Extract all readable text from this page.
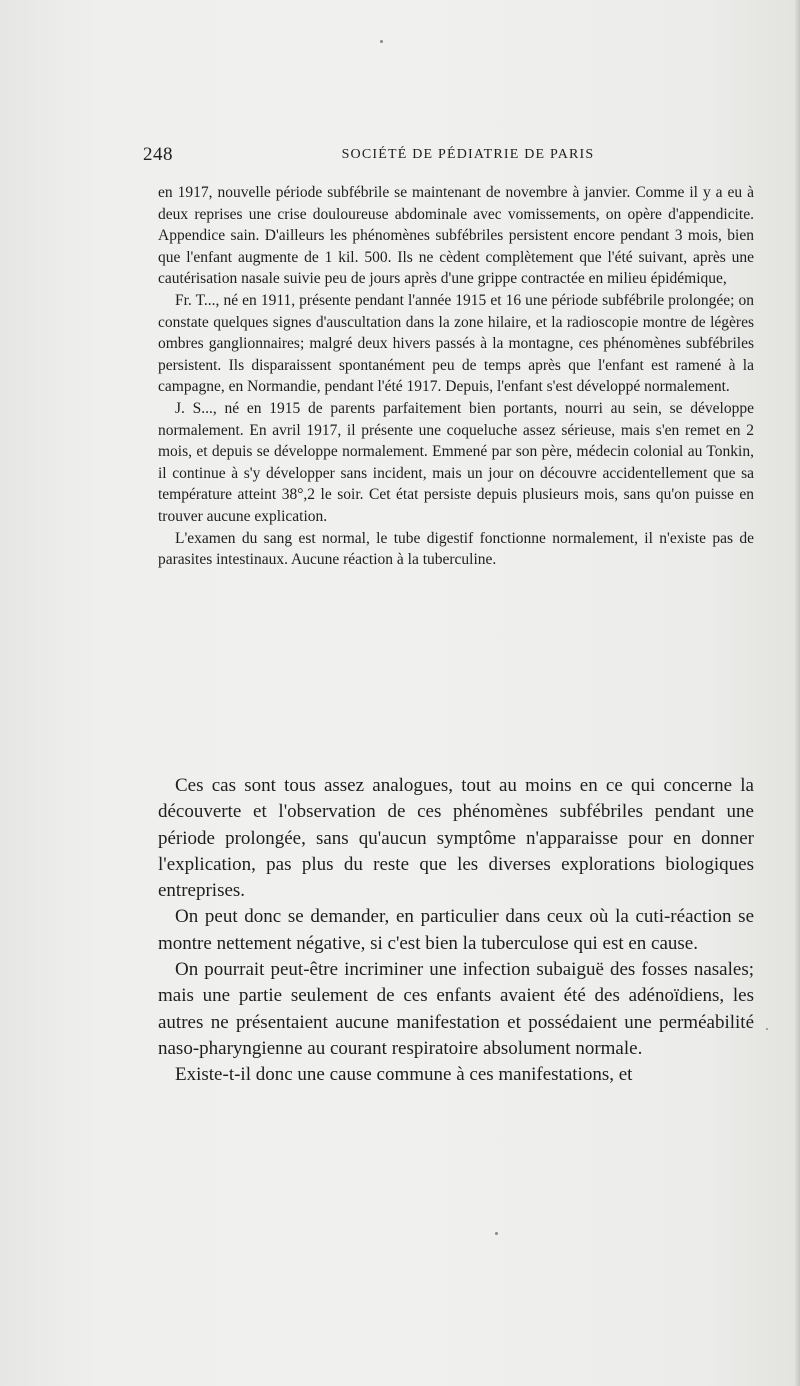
248	SOCIÉTÉ DE PÉDIATRIE DE PARIS

en 1917, nouvelle période subfébrile se maintenant de novembre à janvier. Comme il y a eu à deux reprises une crise douloureuse abdominale avec vomissements, on opère d'appendicite. Appendice sain. D'ailleurs les phénomènes subfébriles persistent encore pendant 3 mois, bien que l'enfant augmente de 1 kil. 500. Ils ne cèdent complètement que l'été suivant, après une cautérisation nasale suivie peu de jours après d'une grippe contractée en milieu épidémique,

Fr. T..., né en 1911, présente pendant l'année 1915 et 16 une période subfébrile prolongée; on constate quelques signes d'auscultation dans la zone hilaire, et la radioscopie montre de légères ombres ganglionnaires; malgré deux hivers passés à la montagne, ces phénomènes subfébriles persistent. Ils disparaissent spontanément peu de temps après que l'enfant est ramené à la campagne, en Normandie, pendant l'été 1917. Depuis, l'enfant s'est développé normalement.

J. S..., né en 1915 de parents parfaitement bien portants, nourri au sein, se développe normalement. En avril 1917, il présente une coqueluche assez sérieuse, mais s'en remet en 2 mois, et depuis se développe normalement. Emmené par son père, médecin colonial au Tonkin, il continue à s'y développer sans incident, mais un jour on découvre accidentellement que sa température atteint 38°,2 le soir. Cet état persiste depuis plusieurs mois, sans qu'on puisse en trouver aucune explication.

L'examen du sang est normal, le tube digestif fonctionne normalement, il n'existe pas de parasites intestinaux. Aucune réaction à la tuberculine.

Ces cas sont tous assez analogues, tout au moins en ce qui concerne la découverte et l'observation de ces phénomènes subfébriles pendant une période prolongée, sans qu'aucun symptôme n'apparaisse pour en donner l'explication, pas plus du reste que les diverses explorations biologiques entreprises.

On peut donc se demander, en particulier dans ceux où la cuti-réaction se montre nettement négative, si c'est bien la tuberculose qui est en cause.

On pourrait peut-être incriminer une infection subaiguë des fosses nasales; mais une partie seulement de ces enfants avaient été des adénoïdiens, les autres ne présentaient aucune manifestation et possédaient une perméabilité naso-pharyngienne au courant respiratoire absolument normale.

Existe-t-il donc une cause commune à ces manifestations, et
